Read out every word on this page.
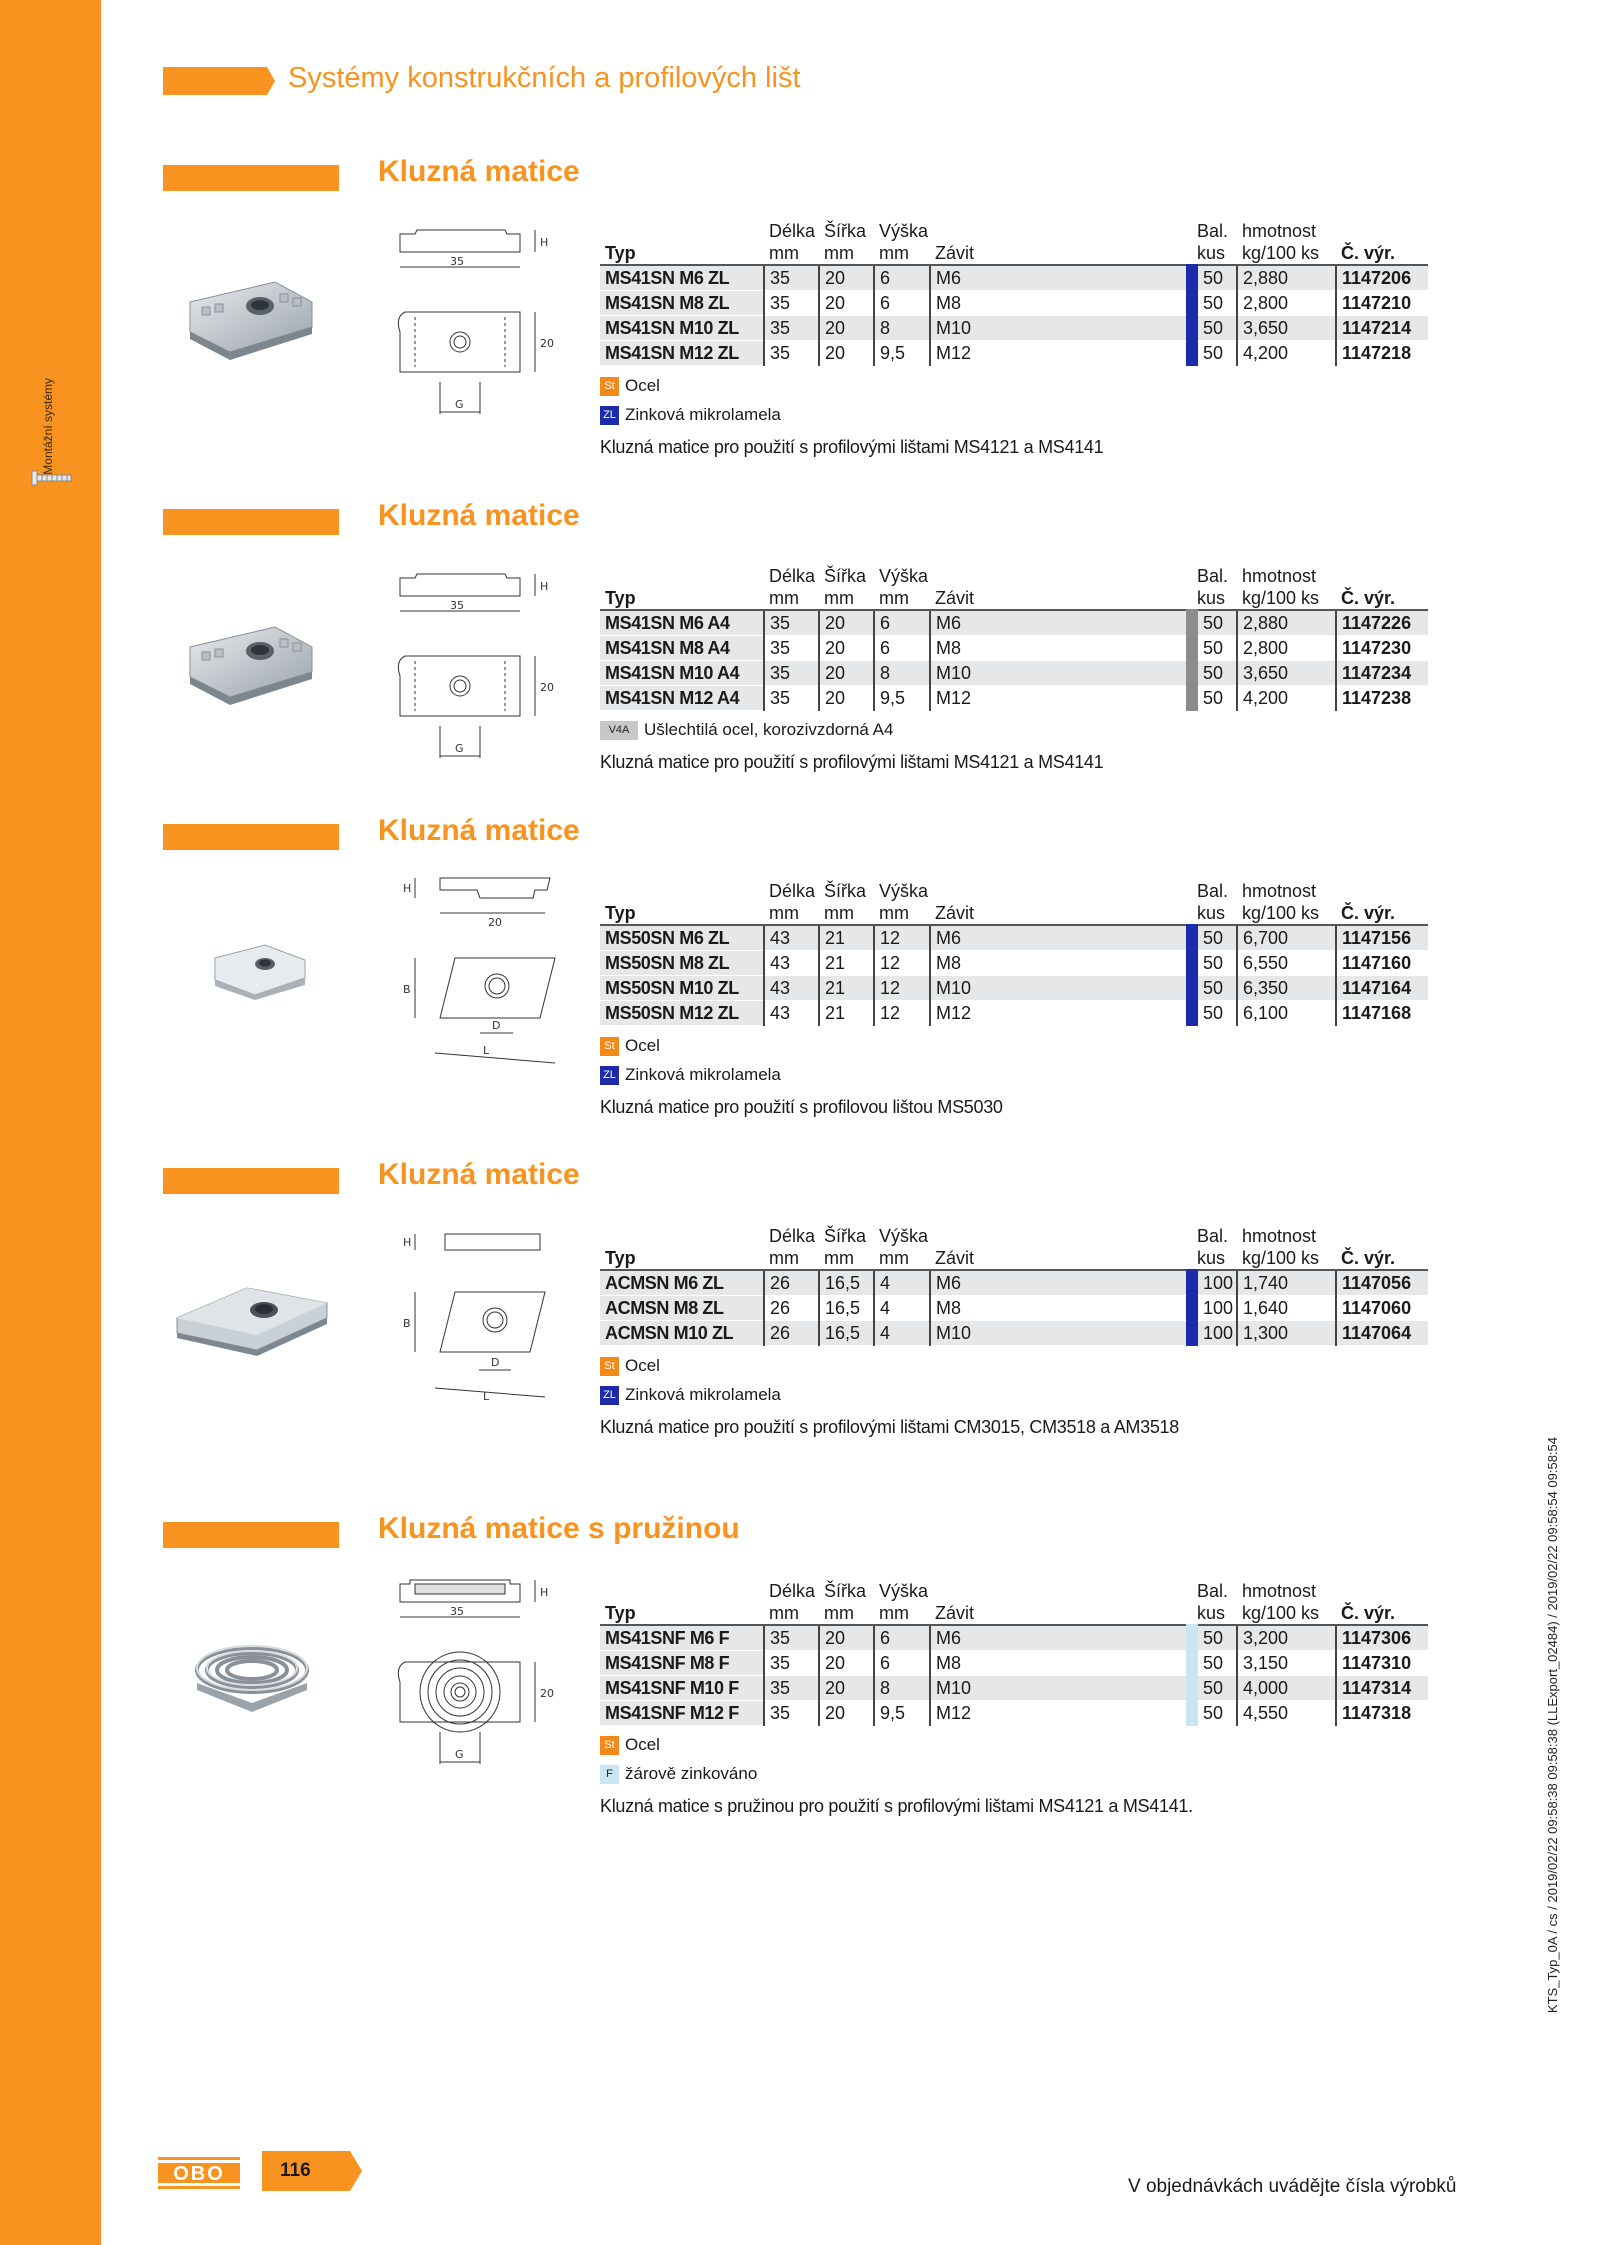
Montážní systémy
Systémy konstrukčních a profilových lišt
Kluzná matice
35
H
20
G
	Délka	Šířka	Výška		Bal.	hmotnost	
Typ	mm	mm	mm	Závit	kus	kg/100 ks	Č. výr.
MS41SN M6 ZL	35	20	6	M6	50	2,880	1147206
MS41SN M8 ZL	35	20	6	M8	50	2,800	1147210
MS41SN M10 ZL	35	20	8	M10	50	3,650	1147214
MS41SN M12 ZL	35	20	9,5	M12	50	4,200	1147218
St Ocel
ZL Zinková mikrolamela
Kluzná matice pro použití s profilovými lištami MS4121 a MS4141
Kluzná matice
35
H
20
G
	Délka	Šířka	Výška		Bal.	hmotnost	
Typ	mm	mm	mm	Závit	kus	kg/100 ks	Č. výr.
MS41SN M6 A4	35	20	6	M6	50	2,880	1147226
MS41SN M8 A4	35	20	6	M8	50	2,800	1147230
MS41SN M10 A4	35	20	8	M10	50	3,650	1147234
MS41SN M12 A4	35	20	9,5	M12	50	4,200	1147238
V4A Ušlechtilá ocel, korozivzdorná A4
Kluzná matice pro použití s profilovými lištami MS4121 a MS4141
Kluzná matice
20
H
B
D
L
	Délka	Šířka	Výška		Bal.	hmotnost	
Typ	mm	mm	mm	Závit	kus	kg/100 ks	Č. výr.
MS50SN M6 ZL	43	21	12	M6	50	6,700	1147156
MS50SN M8 ZL	43	21	12	M8	50	6,550	1147160
MS50SN M10 ZL	43	21	12	M10	50	6,350	1147164
MS50SN M12 ZL	43	21	12	M12	50	6,100	1147168
St Ocel
ZL Zinková mikrolamela
Kluzná matice pro použití s profilovou lištou MS5030
Kluzná matice
H
B
D
L
	Délka	Šířka	Výška		Bal.	hmotnost	
Typ	mm	mm	mm	Závit	kus	kg/100 ks	Č. výr.
ACMSN M6 ZL	26	16,5	4	M6	100	1,740	1147056
ACMSN M8 ZL	26	16,5	4	M8	100	1,640	1147060
ACMSN M10 ZL	26	16,5	4	M10	100	1,300	1147064
St Ocel
ZL Zinková mikrolamela
Kluzná matice pro použití s profilovými lištami CM3015, CM3518 a AM3518
Kluzná matice s pružinou
35
H
20
G
	Délka	Šířka	Výška		Bal.	hmotnost	
Typ	mm	mm	mm	Závit	kus	kg/100 ks	Č. výr.
MS41SNF M6 F	35	20	6	M6	50	3,200	1147306
MS41SNF M8 F	35	20	6	M8	50	3,150	1147310
MS41SNF M10 F	35	20	8	M10	50	4,000	1147314
MS41SNF M12 F	35	20	9,5	M12	50	4,550	1147318
St Ocel
F žárově zinkováno
Kluzná matice s pružinou pro použití s profilovými lištami MS4121 a MS4141.
OBO	116
V objednávkách uvádějte čísla výrobků
KTS_Typ_0A / cs / 2019/02/22 09:58:38 09:58:38 (LLExport_02484) / 2019/02/22 09:58:54 09:58:54
